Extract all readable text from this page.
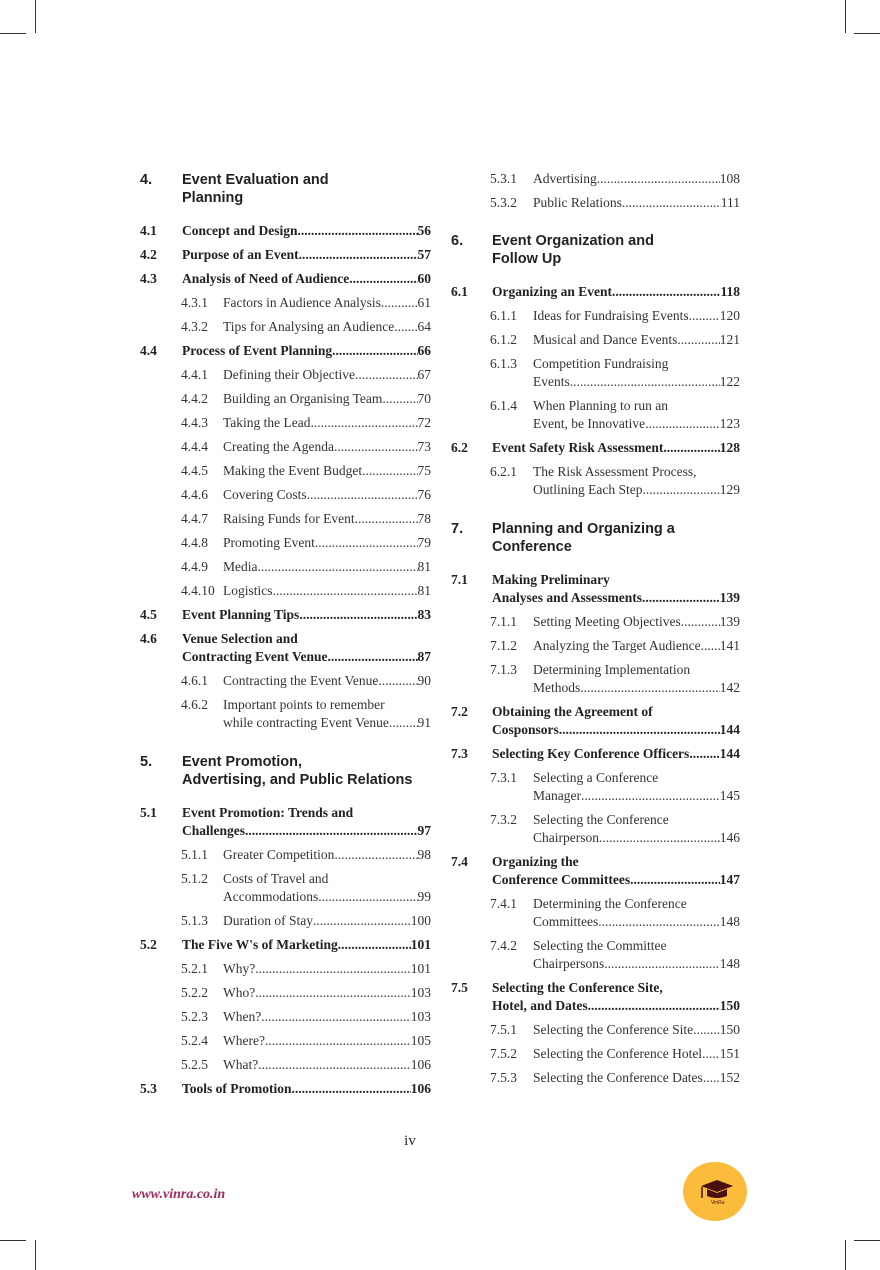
4. Event Evaluation and
Planning
4.1 Concept and Design .....	56
4.2 Purpose of an Event .....	57
4.3 Analysis of Need of Audience .....	60
4.3.1 Factors in Audience Analysis .....	61
4.3.2 Tips for Analysing an Audience ..... 64
4.4 Process of Event Planning .....	66
4.4.1 Defining their Objective .....	67
4.4.2 Building an Organising Team .....	70
4.4.3 Taking the Lead .....	72
4.4.4 Creating the Agenda .....	73
4.4.5 Making the Event Budget .....	75
4.4.6 Covering Costs .....	76
4.4.7 Raising Funds for Event .....	78
4.4.8 Promoting Event .....	79
4.4.9 Media .....	81
4.4.10 Logistics .....	81
4.5 Event Planning Tips .....	83
4.6 Venue Selection and
Contracting Event Venue .....	87
4.6.1 Contracting the Event Venue .....	90
4.6.2 Important points to remember
while contracting Event Venue ..... 91
5. Event Promotion,
Advertising, and Public Relations
5.1 Event Promotion: Trends and
Challenges .....	97
5.1.1 Greater Competition .....	98
5.1.2 Costs of Travel and
Accommodations .....	99
5.1.3 Duration of Stay .....	100
5.2 The Five W's of Marketing .....	101
5.2.1 Why? .....	101
5.2.2 Who? .....	103
5.2.3 When? .....	103
5.2.4 Where? .....	105
5.2.5 What? .....	106
5.3 Tools of Promotion .....	106
5.3.1 Advertising .....	108
5.3.2 Public Relations .....	111
6. Event Organization and
Follow Up
6.1 Organizing an Event .....	118
6.1.1 Ideas for Fundraising Events ..... 120
6.1.2 Musical and Dance Events .....	121
6.1.3 Competition Fundraising
Events .....	122
6.1.4 When Planning to run an
Event, be Innovative .....	123
6.2 Event Safety Risk Assessment .....	128
6.2.1 The Risk Assessment Process,
Outlining Each Step .....	129
7. Planning and Organizing a
Conference
7.1 Making Preliminary
Analyses and Assessments .....	139
7.1.1 Setting Meeting Objectives .....	139
7.1.2 Analyzing the Target Audience ..... 141
7.1.3 Determining Implementation
Methods .....	142
7.2 Obtaining the Agreement of
Cosponsors .....	144
7.3 Selecting Key Conference Officers ..... 144
7.3.1 Selecting a Conference
Manager .....	145
7.3.2 Selecting the Conference
Chairperson .....	146
7.4 Organizing the
Conference Committees .....	147
7.4.1 Determining the Conference
Committees .....	148
7.4.2 Selecting the Committee
Chairpersons .....	148
7.5 Selecting the Conference Site,
Hotel, and Dates .....	150
7.5.1 Selecting the Conference Site ..... 150
7.5.2 Selecting the Conference Hotel ..... 151
7.5.3 Selecting the Conference Dates ..... 152
iv
www.vinra.co.in
VinRa
